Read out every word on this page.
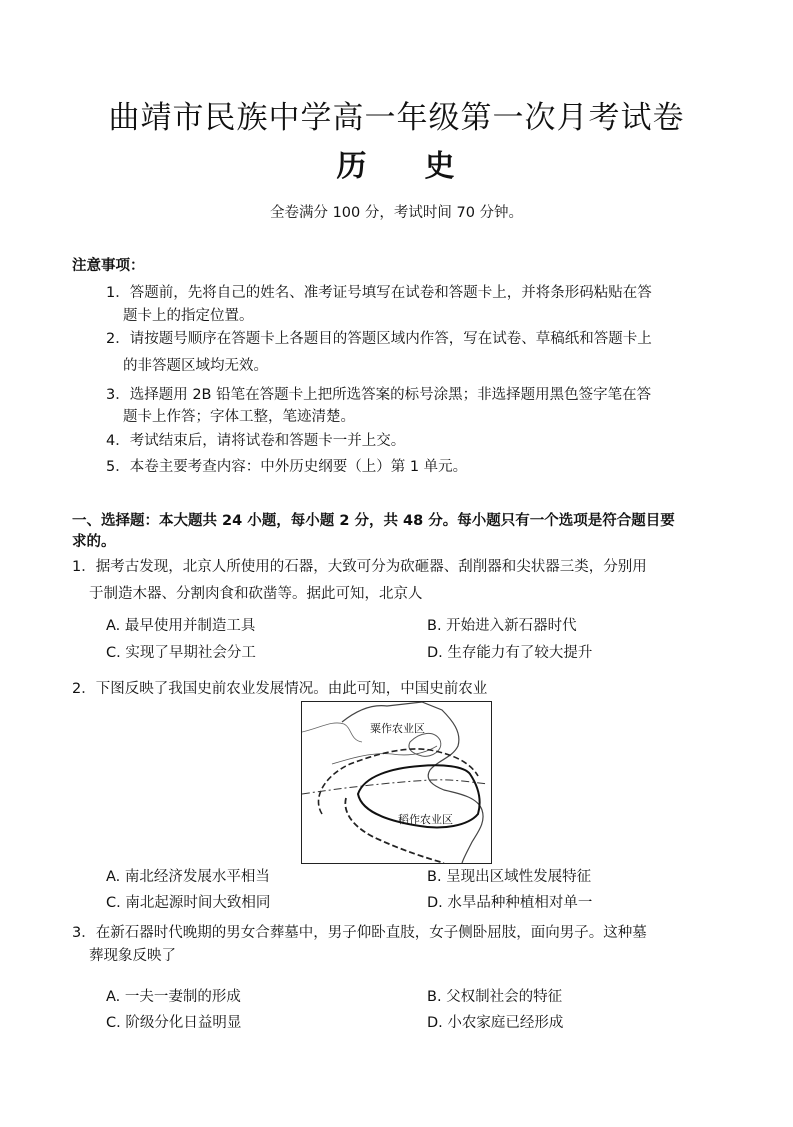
曲靖市民族中学高一年级第一次月考试卷
历 史
全卷满分 100 分，考试时间 70 分钟。
注意事项：
1．答题前，先将自己的姓名、准考证号填写在试卷和答题卡上，并将条形码粘贴在答
题卡上的指定位置。
2．请按题号顺序在答题卡上各题目的答题区域内作答，写在试卷、草稿纸和答题卡上
的非答题区域均无效。
3．选择题用 2B 铅笔在答题卡上把所选答案的标号涂黑；非选择题用黑色签字笔在答
题卡上作答；字体工整，笔迹清楚。
4．考试结束后，请将试卷和答题卡一并上交。
5．本卷主要考查内容：中外历史纲要（上）第 1 单元。
一、选择题：本大题共 24 小题，每小题 2 分，共 48 分。每小题只有一个选项是符合题目要
求的。
1．据考古发现，北京人所使用的石器，大致可分为砍砸器、刮削器和尖状器三类，分别用
于制造木器、分割肉食和砍凿等。据此可知，北京人
A. 最早使用并制造工具	B. 开始进入新石器时代
C. 实现了早期社会分工	D. 生存能力有了较大提升
2．下图反映了我国史前农业发展情况。由此可知，中国史前农业
粟作农业区
稻作农业区
A. 南北经济发展水平相当	B. 呈现出区域性发展特征
C. 南北起源时间大致相同	D. 水旱品种种植相对单一
3．在新石器时代晚期的男女合葬墓中，男子仰卧直肢，女子侧卧屈肢，面向男子。这种墓
葬现象反映了
A. 一夫一妻制的形成	B. 父权制社会的特征
C. 阶级分化日益明显	D. 小农家庭已经形成
